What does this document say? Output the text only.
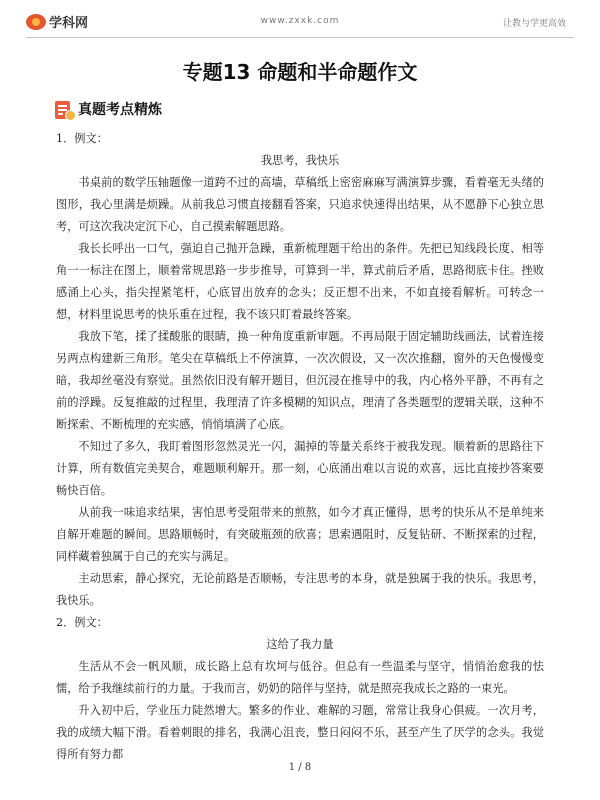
学科网	www.zxxk.com	让教与学更高效
专题13 命题和半命题作文
真题考点精炼

1．例文：

我思考，我快乐

书桌前的数学压轴题像一道跨不过的高墙，草稿纸上密密麻麻写满演算步骤，看着毫无头绪的图形，我心里满是烦躁。从前我总习惯直接翻看答案，只追求快速得出结果，从不愿静下心独立思考，可这次我决定沉下心，自己摸索解题思路。

我长长呼出一口气，强迫自己抛开急躁，重新梳理题干给出的条件。先把已知线段长度、相等角一一标注在图上，顺着常规思路一步步推导，可算到一半，算式前后矛盾，思路彻底卡住。挫败感涌上心头，指尖捏紧笔杆，心底冒出放弃的念头；反正想不出来，不如直接看解析。可转念一想，材料里说思考的快乐重在过程，我不该只盯着最终答案。

我放下笔，揉了揉酸胀的眼睛，换一种角度重新审题。不再局限于固定辅助线画法，试着连接另两点构建新三角形。笔尖在草稿纸上不停演算，一次次假设，又一次次推翻，窗外的天色慢慢变暗，我却丝毫没有察觉。虽然依旧没有解开题目，但沉浸在推导中的我，内心格外平静，不再有之前的浮躁。反复推敲的过程里，我理清了许多模糊的知识点，理清了各类题型的逻辑关联，这种不断探索、不断梳理的充实感，悄悄填满了心底。

不知过了多久，我盯着图形忽然灵光一闪，漏掉的等量关系终于被我发现。顺着新的思路往下计算，所有数值完美契合，难题顺利解开。那一刻，心底涌出难以言说的欢喜，远比直接抄答案要畅快百倍。

从前我一味追求结果，害怕思考受阻带来的煎熬，如今才真正懂得，思考的快乐从不是单纯来自解开难题的瞬间。思路顺畅时，有突破瓶颈的欣喜；思索遇阻时，反复钻研、不断探索的过程，同样藏着独属于自己的充实与满足。

主动思索，静心探究，无论前路是否顺畅，专注思考的本身，就是独属于我的快乐。我思考，我快乐。

2．例文：

这给了我力量

生活从不会一帆风顺，成长路上总有坎坷与低谷。但总有一些温柔与坚守，悄悄治愈我的怯懦，给予我继续前行的力量。于我而言，奶奶的陪伴与坚持，就是照亮我成长之路的一束光。

升入初中后，学业压力陡然增大。繁多的作业、难解的习题，常常让我身心俱疲。一次月考，我的成绩大幅下滑。看着刺眼的排名，我满心沮丧，整日闷闷不乐，甚至产生了厌学的念头。我觉得所有努力都

1 / 8
